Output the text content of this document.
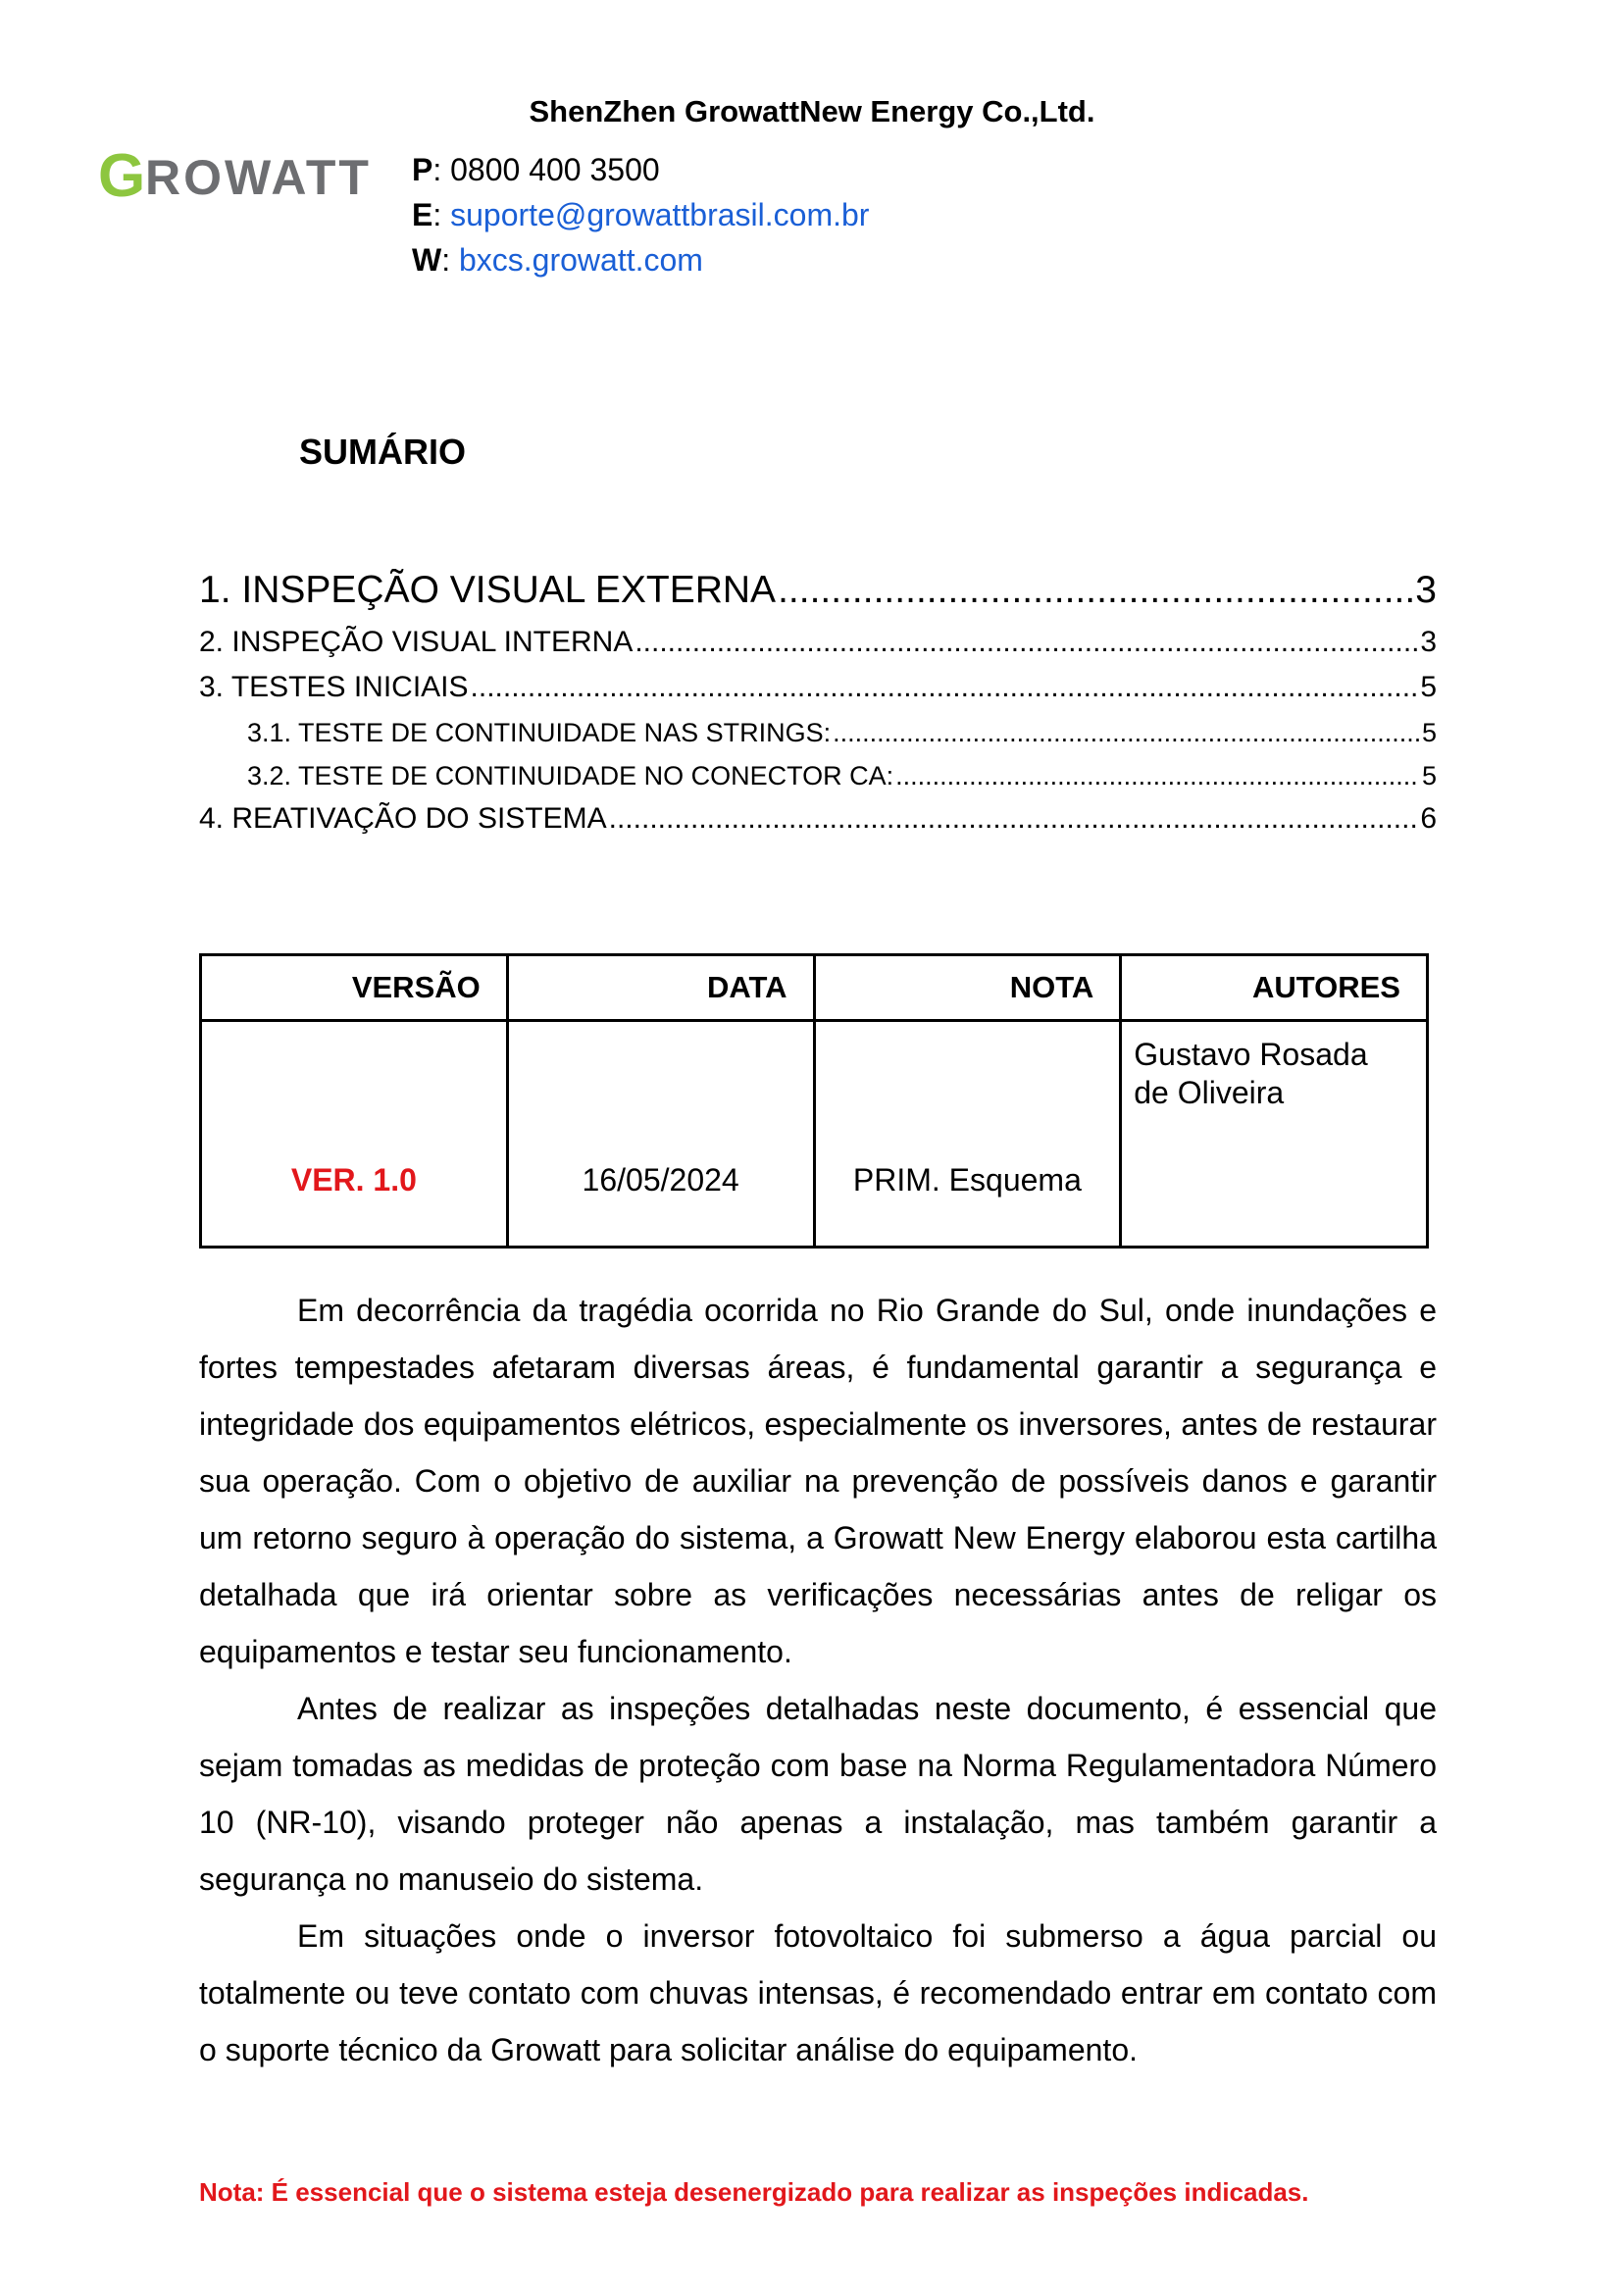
ShenZhen GrowattNew Energy Co.,Ltd.
G ROWATT P: 0800 400 3500
E: suporte@growattbrasil.com.br
W: bxcs.growatt.com
SUMÁRIO
1. INSPEÇÃO VISUAL EXTERNA .....	3
2. INSPEÇÃO VISUAL INTERNA .....	3
3. TESTES INICIAIS .....	5
3.1. TESTE DE CONTINUIDADE NAS STRINGS: .....	5
3.2. TESTE DE CONTINUIDADE NO CONECTOR CA: .....	5
4. REATIVAÇÃO DO SISTEMA .....	6
VERSÃO	DATA	NOTA	AUTORES
VER. 1.0	16/05/2024	PRIM. Esquema	Gustavo Rosada
de Oliveira

Em decorrência da tragédia ocorrida no Rio Grande do Sul, onde inundações e fortes tempestades afetaram diversas áreas, é fundamental garantir a segurança e integridade dos equipamentos elétricos, especialmente os inversores, antes de restaurar sua operação. Com o objetivo de auxiliar na prevenção de possíveis danos e garantir um retorno seguro à operação do sistema, a Growatt New Energy elaborou esta cartilha detalhada que irá orientar sobre as verificações necessárias antes de religar os equipamentos e testar seu funcionamento.

Antes de realizar as inspeções detalhadas neste documento, é essencial que sejam tomadas as medidas de proteção com base na Norma Regulamentadora Número 10 (NR-10), visando proteger não apenas a instalação, mas também garantir a segurança no manuseio do sistema.

Em situações onde o inversor fotovoltaico foi submerso a água parcial ou totalmente ou teve contato com chuvas intensas, é recomendado entrar em contato com o suporte técnico da Growatt para solicitar análise do equipamento.

Nota: É essencial que o sistema esteja desenergizado para realizar as inspeções indicadas.
